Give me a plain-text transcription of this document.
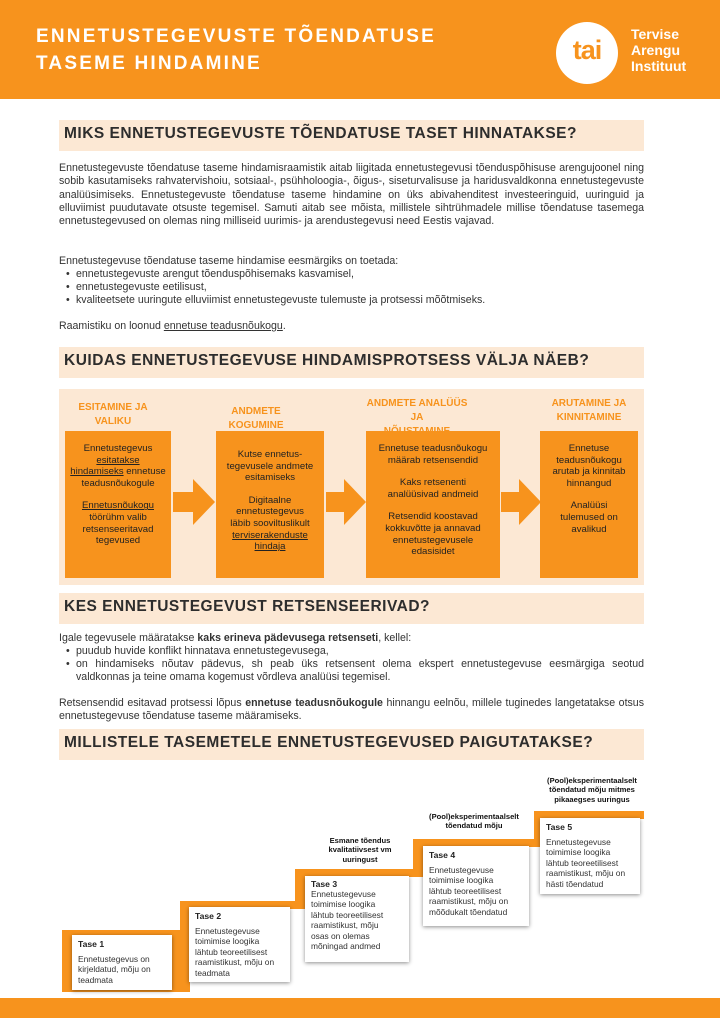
ENNETUSTEGEVUSTE TÕENDATUSE
TASEME HINDAMINE	tai
Tervise
Arengu
Instituut
MIKS ENNETUSTEGEVUSTE TÕENDATUSE TASET HINNATAKSE?
Ennetustegevuste tõendatuse taseme hindamisraamistik aitab liigitada ennetustegevusi tõenduspõhisuse arengujoonel ning sobib kasutamiseks rahvatervishoiu, sotsiaal-, psühholoogia-, õigus-, siseturvalisuse ja haridusvaldkonna ennetustegevuste analüüsimiseks. Ennetustegevuste tõendatuse taseme hindamine on üks abivahenditest investeeringuid, uuringuid ja elluviimist puudutavate otsuste tegemisel. Samuti aitab see mõista, millistele sihtrühmadele millise tõendatuse tasemega ennetustegevused on olemas ning milliseid uurimis- ja arendustegevusi need Eestis vajavad.
Ennetustegevuse tõendatuse taseme hindamise eesmärgiks on toetada:
• ennetustegevuste arengut tõenduspõhisemaks kasvamisel,
• ennetustegevuste eetilisust,
• kvaliteetsete uuringute elluviimist ennetustegevuste tulemuste ja protsessi mõõtmiseks.
Raamistiku on loonud ennetuse teadusnõukogu.
KUIDAS ENNETUSTEGEVUSE HINDAMISPROTSESS VÄLJA NÄEB?
ESITAMINE JA VALIKU
ANDMETE KOGUMINE
ANDMETE ANALÜÜS JA
ARUTAMINE JA
KINNITAMINE

Ennetustegevus
esitatakse
hindamiseks ennetuse
teadusnõukogule

Ennetusnõukogu
töörühm valib
retsenseeritavad
tegevused

Kutse ennetus-
tegevusele andmete
esitamiseks

Digitaalne
ennetustegevus
läbib sooviltuslikult
terviserakenduste
hindaja

Ennetuse teadusnõukogu
määrab retsensendid

Kaks retsenenti
analüüsivad andmeid

Retsendid koostavad
kokkuvõtte ja annavad
ennetustegevusele
edasisidet

Ennetuse
teadusnõukogu
arutab ja kinnitab
hinnangud

Analüüsi
tulemused on
avalikud

KES ENNETUSTEGEVUST RETSENSEERIVAD?
Igale tegevusele määratakse kaks erineva pädevusega retsenseti, kellel:
• puudub huvide konflikt hinnatava ennetustegevusega,
• on hindamiseks nõutav pädevus, sh peab üks retsensent olema ekspert ennetustegevuse eesmärgiga seotud valdkonnas ja teine omama kogemust võrdleva analüüsi tegemisel.
Retsensendid esitavad protsessi lõpus ennetuse teadusnõukogule hinnangu eelnõu, millele tuginedes langetatakse otsus ennetustegevuse tõendatuse taseme määramiseks.
MILLISTELE TASEMETELE ENNETUSTEGEVUSED PAIGUTATAKSE?
Tase 1
Ennetustegevus on
kirjeldatud, mõju on
teadmata
Tase 2
Ennetustegevuse
toimimise loogika
lähtub teoreetilisest
raamistikust, mõju on
teadmata
Tase 3
Ennetustegevuse
toimimise loogika
lähtub teoreetilisest
raamistikust, mõju
osas on olemas
mõningad andmed
Tase 4
Ennetustegevuse
toimimise loogika
lähtub teoreetilisest
raamistikust, mõju on
mõõdukalt tõendatud
Tase 5
Ennetustegevuse
toimimise loogika
lähtub teoreetilisest
raamistikust, mõju on
hästi tõendatud
Esmane tõendus
kvalitatiivsest vm
uuringust
(Pool)eksperimentaalselt
tõendatud mõju
(Pool)eksperimentaalselt
tõendatud mõju mitmes
pikaaegses uuringus
